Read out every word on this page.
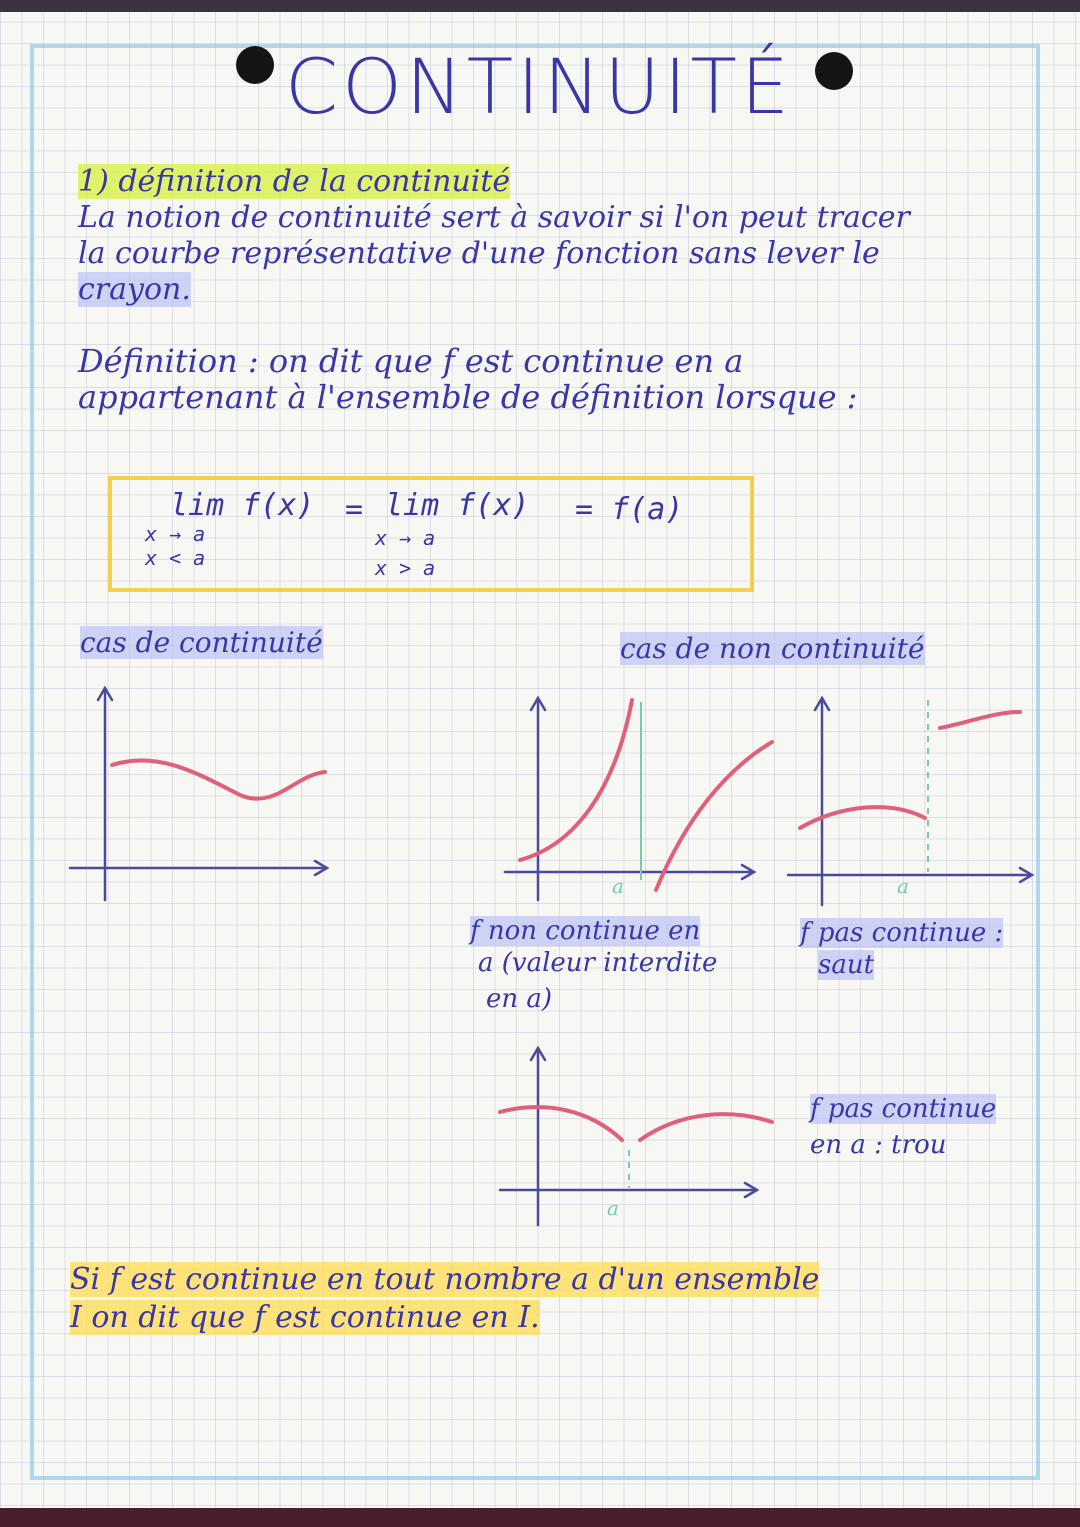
CONTINUITÉ
1) définition de la continuité
La notion de continuité sert à savoir si l'on peut tracer
la courbe représentative d'une fonction sans lever le
crayon.
Définition : on dit que f est continue en a
appartenant à l'ensemble de définition lorsque :
lim f(x)
x → a
x < a
= lim f(x)
x → a
x > a
= f(a)
cas de continuité	cas de non continuité
a	a
f non continue en
a (valeur interdite
en a)
f pas continue :
saut
a
f pas continue
en a : trou
Si f est continue en tout nombre a d'un ensemble
I on dit que f est continue en I.
